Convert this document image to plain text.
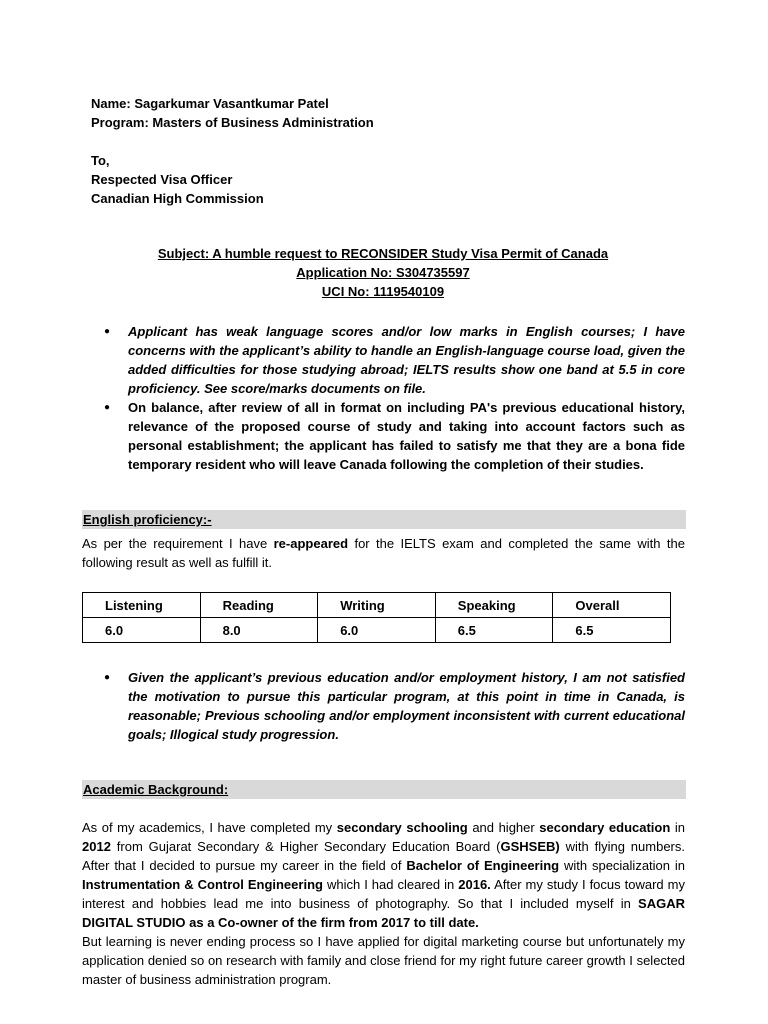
Name: Sagarkumar Vasantkumar Patel
Program: Masters of Business Administration
To,
Respected Visa Officer
Canadian High Commission
Subject: A humble request to RECONSIDER Study Visa Permit of Canada
Application No: S304735597
UCI No: 1119540109
● Applicant has weak language scores and/or low marks in English courses; I have concerns with the applicant’s ability to handle an English-language course load, given the added difficulties for those studying abroad; IELTS results show one band at 5.5 in core proficiency. See score/marks documents on file.
● On balance, after review of all in format on including PA's previous educational history, relevance of the proposed course of study and taking into account factors such as personal establishment; the applicant has failed to satisfy me that they are a bona fide temporary resident who will leave Canada following the completion of their studies.
English proficiency:-
As per the requirement I have re-appeared for the IELTS exam and completed the same with the following result as well as fulfill it.
Listening	Reading	Writing	Speaking	Overall
6.0	8.0	6.0	6.5	6.5
● Given the applicant’s previous education and/or employment history, I am not satisfied the motivation to pursue this particular program, at this point in time in Canada, is reasonable; Previous schooling and/or employment inconsistent with current educational goals; Illogical study progression.
Academic Background:
As of my academics, I have completed my secondary schooling and higher secondary education in 2012 from Gujarat Secondary & Higher Secondary Education Board (GSHSEB) with flying numbers. After that I decided to pursue my career in the field of Bachelor of Engineering with specialization in Instrumentation & Control Engineering which I had cleared in 2016. After my study I focus toward my interest and hobbies lead me into business of photography. So that I included myself in SAGAR DIGITAL STUDIO as a Co-owner of the firm from 2017 to till date.
But learning is never ending process so I have applied for digital marketing course but unfortunately my application denied so on research with family and close friend for my right future career growth I selected master of business administration program.
